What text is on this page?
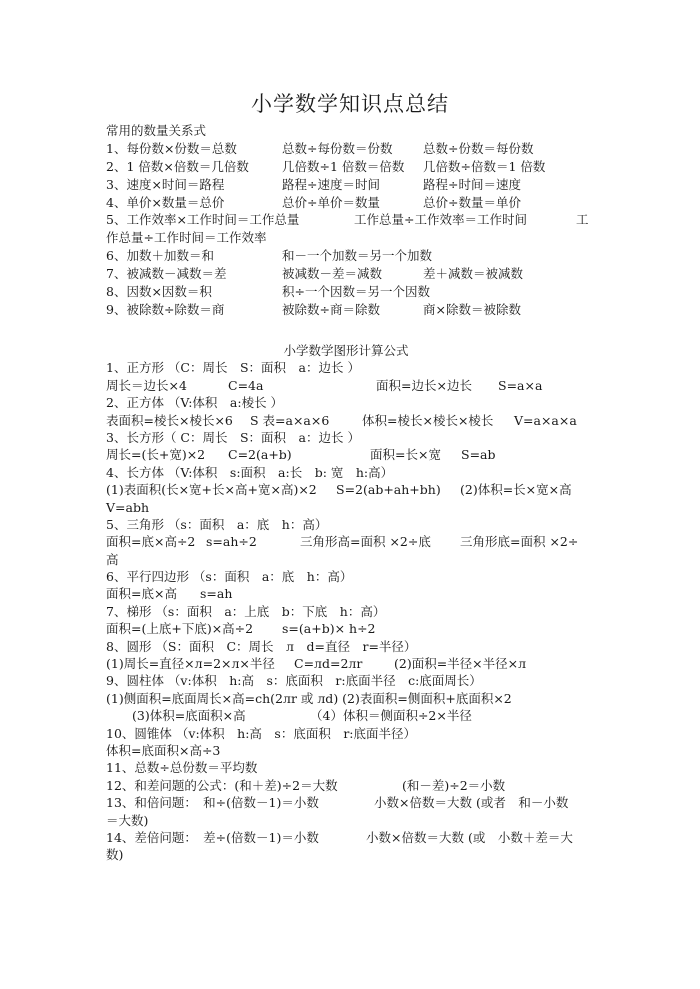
小学数学知识点总结
常用的数量关系式
1、每份数×份数＝总数	总数÷每份数＝份数 总数÷份数＝每份数
2、1 倍数×倍数＝几倍数	几倍数÷1 倍数＝倍数 几倍数÷倍数＝1 倍数
3、速度×时间＝路程	路程÷速度＝时间	路程÷时间＝速度
4、单价×数量＝总价	总价÷单价＝数量	总价÷数量＝单价
5、工作效率×工作时间＝工作总量	工作总量÷工作效率＝工作时间	工
作总量÷工作时间＝工作效率
6、加数＋加数＝和	和－一个加数＝另一个加数
7、被减数－减数＝差	被减数－差＝减数	差＋减数＝被减数
8、因数×因数＝积	积÷一个因数＝另一个因数
9、被除数÷除数＝商	被除数÷商＝除数	商×除数＝被除数
小学数学图形计算公式
1、正方形 （C：周长　S：面积　a：边长 ）
周长＝边长×4	C=4a	面积=边长×边长 S=a×a
2、正方体 （V:体积　a:棱长 ）
表面积=棱长×棱长×6 S 表=a×a×6	体积=棱长×棱长×棱长 V=a×a×a
3、长方形（ C：周长　S：面积　a：边长 ）
周长=(长+宽)×2 C=2(a+b)	面积=长×宽 S=ab
4、长方体 （V:体积　s:面积　a:长　b: 宽　h:高）
(1)表面积(长×宽+长×高+宽×高)×2 S=2(ab+ah+bh) (2)体积=长×宽×高
V=abh
5、三角形 （s：面积　a：底　h：高）
面积=底×高÷2 s=ah÷2	三角形高=面积 ×2÷底 三角形底=面积 ×2÷
高
6、平行四边形 （s：面积　a：底　h：高）
面积=底×高 s=ah
7、梯形 （s：面积　a：上底　b：下底　h：高）
面积=(上底+下底)×高÷2 s=(a+b)× h÷2
8、圆形 （S：面积　C：周长　л　d=直径　r=半径）
(1)周长=直径×л=2×л×半径 C=лd=2лr	(2)面积=半径×半径×л
9、圆柱体 （v:体积　h:高　s：底面积　r:底面半径　c:底面周长）
(1)侧面积=底面周长×高=ch(2лr 或 лd) (2)表面积=侧面积+底面积×2
(3)体积=底面积×高	（4）体积＝侧面积÷2×半径
10、圆锥体 （v:体积　h:高　s：底面积　r:底面半径）
体积=底面积×高÷3
11、总数÷总份数＝平均数
12、和差问题的公式：(和＋差)÷2＝大数	(和－差)÷2＝小数
13、和倍问题：　和÷(倍数－1)＝小数	小数×倍数＝大数 (或者　和－小数
＝大数)
14、差倍问题：　差÷(倍数－1)＝小数	小数×倍数＝大数 (或　小数＋差＝大
数)
